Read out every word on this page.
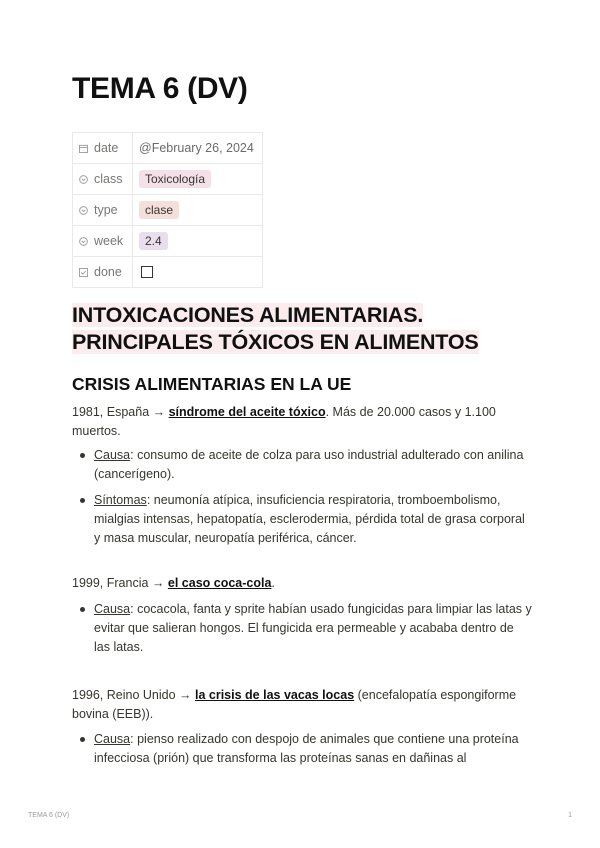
TEMA 6 (DV)
date	@February 26, 2024
class	Toxicología
type	clase
week	2.4
done	
INTOXICACIONES ALIMENTARIAS. PRINCIPALES TÓXICOS EN ALIMENTOS
CRISIS ALIMENTARIAS EN LA UE

1981, España → síndrome del aceite tóxico. Más de 20.000 casos y 1.100 muertos.

Causa: consumo de aceite de colza para uso industrial adulterado con anilina (cancerígeno).
Síntomas: neumonía atípica, insuficiencia respiratoria, tromboembolismo, mialgias intensas, hepatopatía, esclerodermia, pérdida total de grasa corporal y masa muscular, neuropatía periférica, cáncer.

1999, Francia → el caso coca-cola.

Causa: cocacola, fanta y sprite habían usado fungicidas para limpiar las latas y evitar que salieran hongos. El fungicida era permeable y acababa dentro de las latas.

1996, Reino Unido → la crisis de las vacas locas (encefalopatía espongiforme bovina (EEB)).

Causa: pienso realizado con despojo de animales que contiene una proteína infecciosa (prión) que transforma las proteínas sanas en dañinas al
TEMA 6 (DV)	1
